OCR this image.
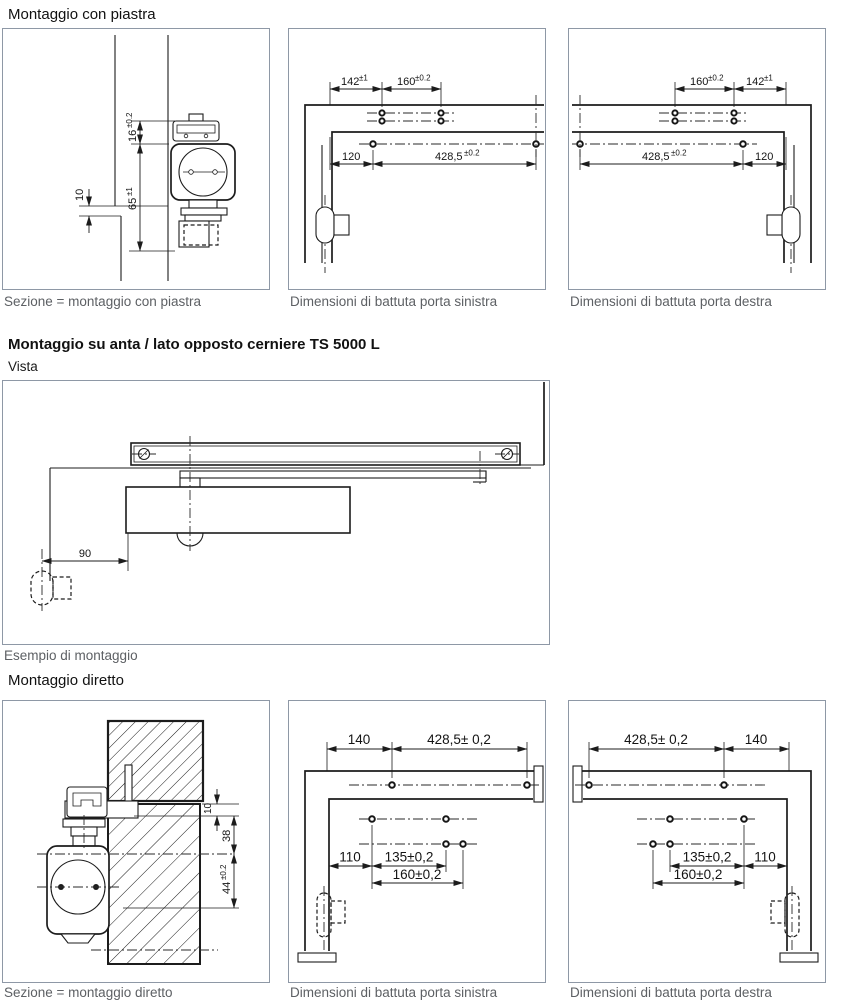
Montaggio con piastra
16
±0.2
65
±1
10
142 ±1	160 ±0.2
120	428,5 ±0.2
160 ±0.2 142 ±1
428,5 ±0.2	120
Sezione = montaggio con piastra	Dimensioni di battuta porta sinistra	Dimensioni di battuta porta destra
Montaggio su anta / lato opposto cerniere TS 5000 L
Vista
90
Esempio di montaggio
Montaggio diretto
10
38
44
±0.2
140	428,5± 0,2
110 135±0,2
160±0,2
428,5± 0,2	140
135±0,2 110
160±0,2
Sezione = montaggio diretto	Dimensioni di battuta porta sinistra	Dimensioni di battuta porta destra
